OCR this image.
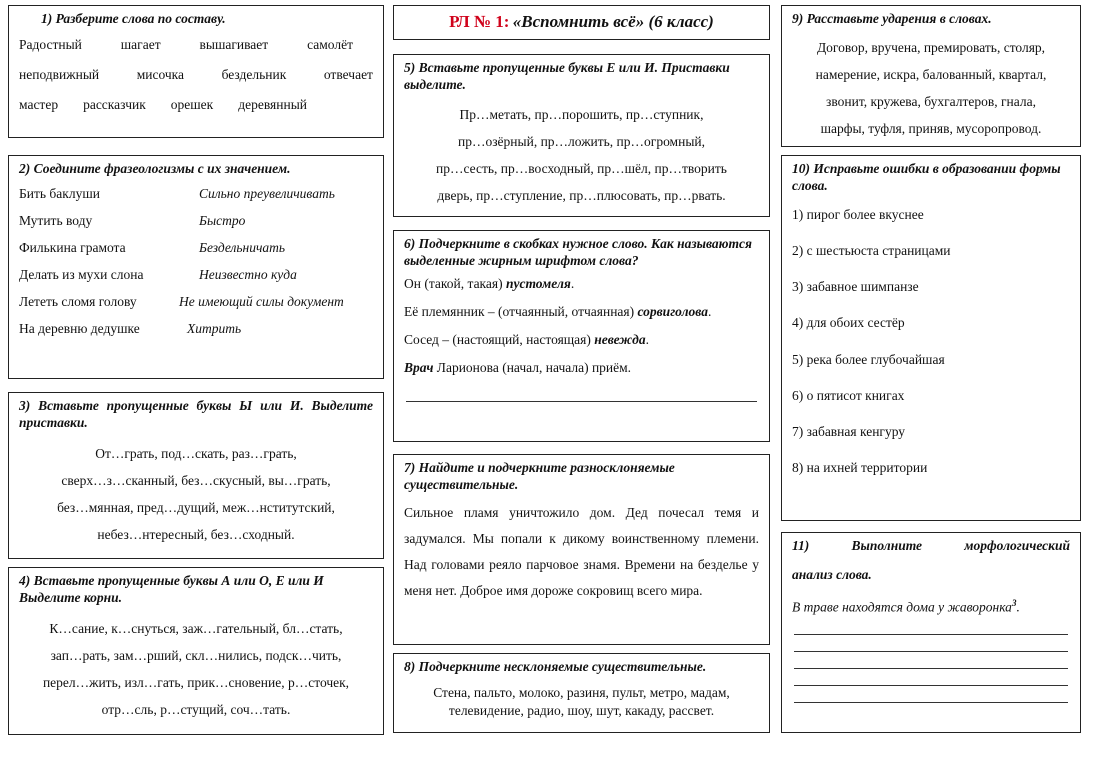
1) Разберите слова по составу.

Радостный	шагает	вышагивает	самолёт
неподвижный	мисочка	бездельник	отвечает
мастер рассказчик орешек деревянный

2) Соедините фразеологизмы с их значением.

Бить баклуши	Сильно преувеличивать
Мутить воду	Быстро
Филькина грамота	Бездельничать
Делать из мухи слона	Неизвестно куда
Лететь сломя голову	Не имеющий силы документ
На деревню дедушке	Хитрить

3) Вставьте пропущенные буквы Ы или И. Выделите приставки.

От…грать, под…скать, раз…грать,
сверх…з…сканный, без…скусный, вы…грать,
без…мянная, пред…дущий, меж…нститутский,
небез…нтересный, без…сходный.

4) Вставьте пропущенные буквы А или О, Е или И Выделите корни.

К…сание, к…снуться, заж…гательный, бл…стать,
зап…рать, зам…рший, скл…нились, подск…чить,
перел…жить, изл…гать, прик…сновение, р…сточек,
отр…сль, р…стущий, соч…тать.
РЛ № 1: «Вспомнить всё» (6 класс)

5) Вставьте пропущенные буквы Е или И. Приставки выделите.

Пр…метать, пр…порошить, пр…ступник,
пр…озёрный, пр…ложить, пр…огромный,
пр…сесть, пр…восходный, пр…шёл, пр…творить
дверь, пр…ступление, пр…плюсовать, пр…рвать.

6) Подчеркните в скобках нужное слово. Как называются выделенные жирным шрифтом слова?

Он (такой, такая) пустомеля.
Её племянник – (отчаянный, отчаянная) сорвиголова.
Сосед – (настоящий, настоящая) невежда.
Врач Ларионова (начал, начала) приём.

7) Найдите и подчеркните разносклоняемые существительные.

Сильное пламя уничтожило дом. Дед почесал темя и задумался. Мы попали к дикому воинственному племени. Над головами реяло парчовое знамя. Времени на безделье у меня нет. Доброе имя дороже сокровищ всего мира.

8) Подчеркните несклоняемые существительные.

Стена, пальто, молоко, разиня, пульт, метро, мадам, телевидение, радио, шоу, шут, какаду, рассвет.

9) Расставьте ударения в словах.

Договор, вручена, премировать, столяр,
намерение, искра, балованный, квартал,
звонит, кружева, бухгалтеров, гнала,
шарфы, туфля, приняв, мусоропровод.

10) Исправьте ошибки в образовании формы слова.

1) пирог более вкуснее
2) с шестьюста страницами
3) забавное шимпанзе
4) для обоих сестёр
5) река более глубочайшая
6) о пятисот книгах
7) забавная кенгуру
8) на ихней территории
11)	Выполните	морфологический

анализ слова.

В траве находятся дома у жаворонка$^3$.
